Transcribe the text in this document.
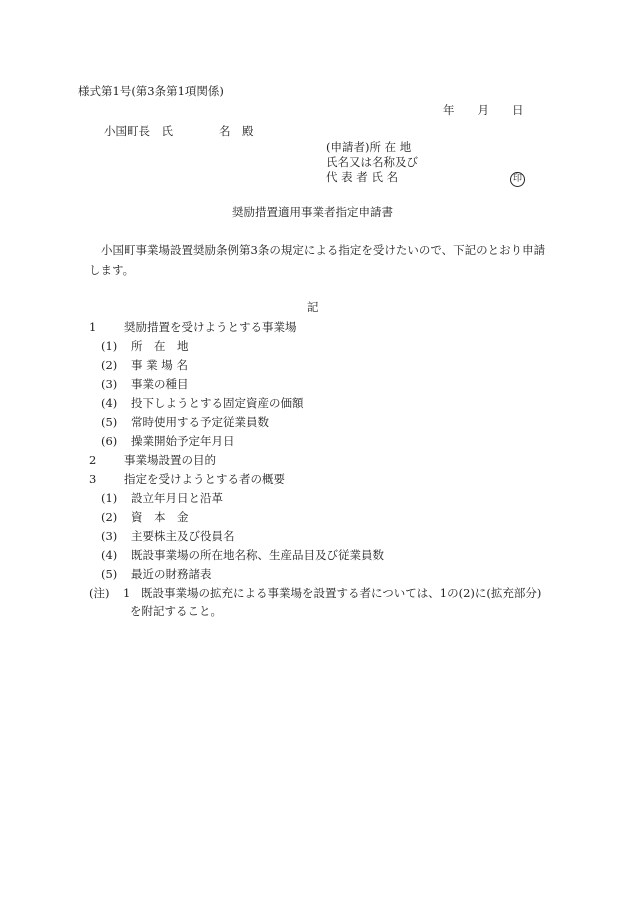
様式第1号(第3条第1項関係)
年　　月　　日
小国町長　氏　　　　名　殿
(申請者)所 在 地
氏名又は名称及び
代 表 者 氏 名	印
奨励措置適用事業者指定申請書
小国町事業場設置奨励条例第3条の規定による指定を受けたいので、下記のとおり申請
します。
記
1 奨励措置を受けようとする事業場
(1) 所　在　地
(2) 事 業 場 名
(3) 事業の種目
(4) 投下しようとする固定資産の価額
(5) 常時使用する予定従業員数
(6) 操業開始予定年月日
2 事業場設置の目的
3 指定を受けようとする者の概要
(1) 設立年月日と沿革
(2) 資　本　金
(3) 主要株主及び役員名
(4) 既設事業場の所在地名称、生産品目及び従業員数
(5) 最近の財務諸表
(注) 1 既設事業場の拡充による事業場を設置する者については、1の(2)に(拡充部分)
を附記すること。
